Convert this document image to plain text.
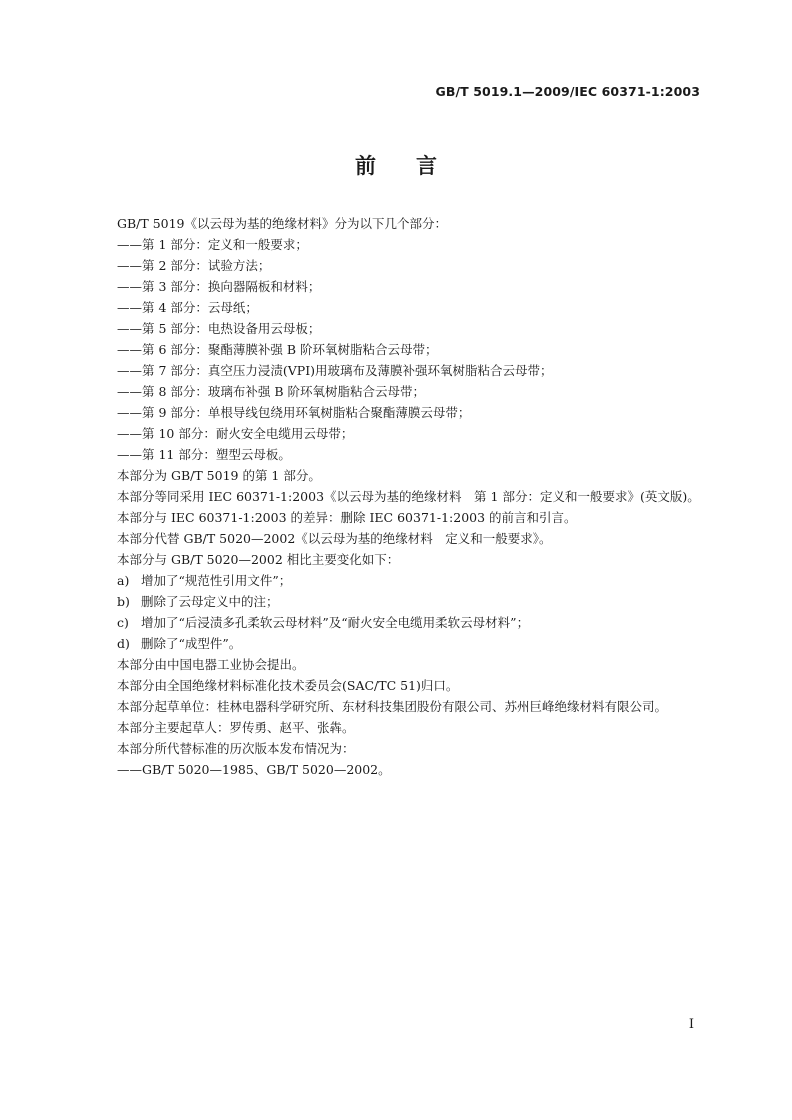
GB/T 5019.1—2009/IEC 60371-1:2003
前言
GB/T 5019《以云母为基的绝缘材料》分为以下几个部分：
——第 1 部分：定义和一般要求；
——第 2 部分：试验方法；
——第 3 部分：换向器隔板和材料；
——第 4 部分：云母纸；
——第 5 部分：电热设备用云母板；
——第 6 部分：聚酯薄膜补强 B 阶环氧树脂粘合云母带；
——第 7 部分：真空压力浸渍(VPI)用玻璃布及薄膜补强环氧树脂粘合云母带；
——第 8 部分：玻璃布补强 B 阶环氧树脂粘合云母带；
——第 9 部分：单根导线包绕用环氧树脂粘合聚酯薄膜云母带；
——第 10 部分：耐火安全电缆用云母带；
——第 11 部分：塑型云母板。
本部分为 GB/T 5019 的第 1 部分。
本部分等同采用 IEC 60371-1:2003《以云母为基的绝缘材料　第 1 部分：定义和一般要求》(英文版)。
本部分与 IEC 60371-1:2003 的差异：删除 IEC 60371-1:2003 的前言和引言。
本部分代替 GB/T 5020—2002《以云母为基的绝缘材料　定义和一般要求》。
本部分与 GB/T 5020—2002 相比主要变化如下：
a) 增加了“规范性引用文件”；
b) 删除了云母定义中的注；
c) 增加了“后浸渍多孔柔软云母材料”及“耐火安全电缆用柔软云母材料”；
d) 删除了“成型件”。
本部分由中国电器工业协会提出。
本部分由全国绝缘材料标准化技术委员会(SAC/TC 51)归口。
本部分起草单位：桂林电器科学研究所、东材科技集团股份有限公司、苏州巨峰绝缘材料有限公司。
本部分主要起草人：罗传勇、赵平、张犇。
本部分所代替标准的历次版本发布情况为：
——GB/T 5020—1985、GB/T 5020—2002。
I
